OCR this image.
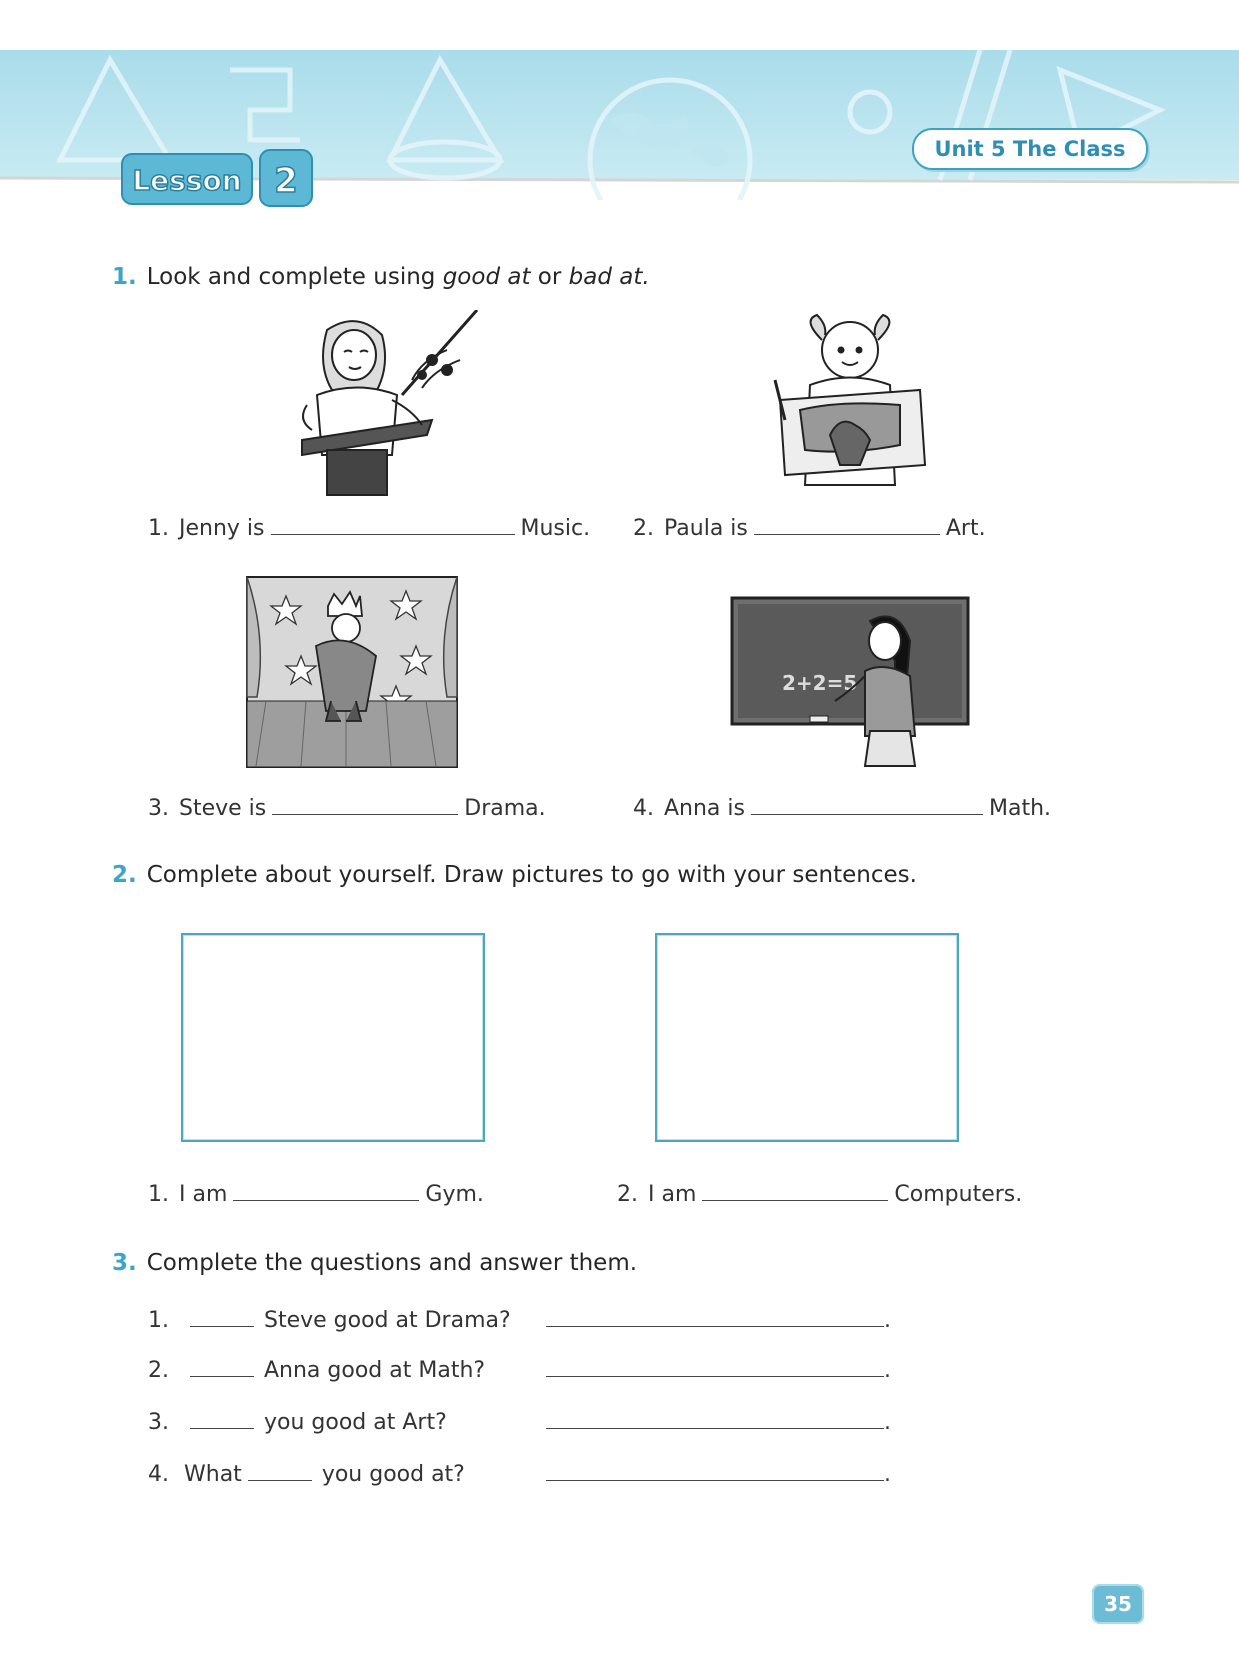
Lesson 2
Unit 5 The Class
1. Look and complete using good at or bad at.
1. Jenny is	Music. 2. Paula is	Art.
2+2=5
3. Steve is	Drama.	4. Anna is	Math.
2. Complete about yourself. Draw pictures to go with your sentences.
1. I am	Gym.	2. I am	Computers.
3. Complete the questions and answer them.
1.	Steve good at Drama?	.
2.	Anna good at Math?	.
3.	you good at Art?	.
4. What	you good at?	.
35
